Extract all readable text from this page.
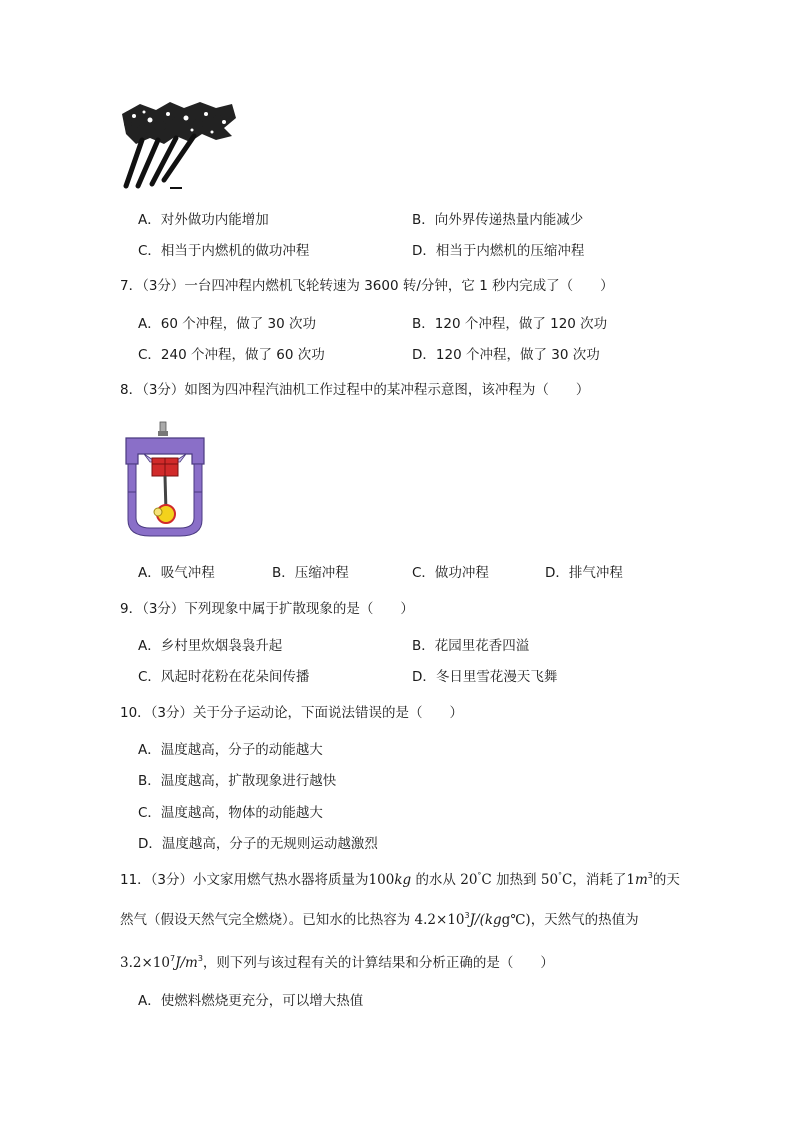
A．对外做功内能增加	B．向外界传递热量内能减少
C．相当于内燃机的做功冲程	D．相当于内燃机的压缩冲程
7．（3分）一台四冲程内燃机飞轮转速为 3600 转/分钟，它 1 秒内完成了（　　）
A．60 个冲程，做了 30 次功	B．120 个冲程，做了 120 次功
C．240 个冲程，做了 60 次功	D．120 个冲程，做了 30 次功
8．（3分）如图为四冲程汽油机工作过程中的某冲程示意图，该冲程为（　　）
A．吸气冲程	B．压缩冲程	C．做功冲程	D．排气冲程
9．（3分）下列现象中属于扩散现象的是（　　）
A．乡村里炊烟袅袅升起	B．花园里花香四溢
C．风起时花粉在花朵间传播	D．冬日里雪花漫天飞舞
10．（3分）关于分子运动论，下面说法错误的是（　　）
A．温度越高，分子的动能越大
B．温度越高，扩散现象进行越快
C．温度越高，物体的动能越大
D．温度越高，分子的无规则运动越激烈
11．（3分）小文家用燃气热水器将质量为100kg 的水从 20°C 加热到 50°C，消耗了$1m^3$的天
然气（假设天然气完全燃烧）。已知水的比热容为 $4.2\times 10^3J/(kgg℃)$，天然气的热值为
$3.2\times 10^7J/m^3$，则下列与该过程有关的计算结果和分析正确的是（　　）
A．使燃料燃烧更充分，可以增大热值
